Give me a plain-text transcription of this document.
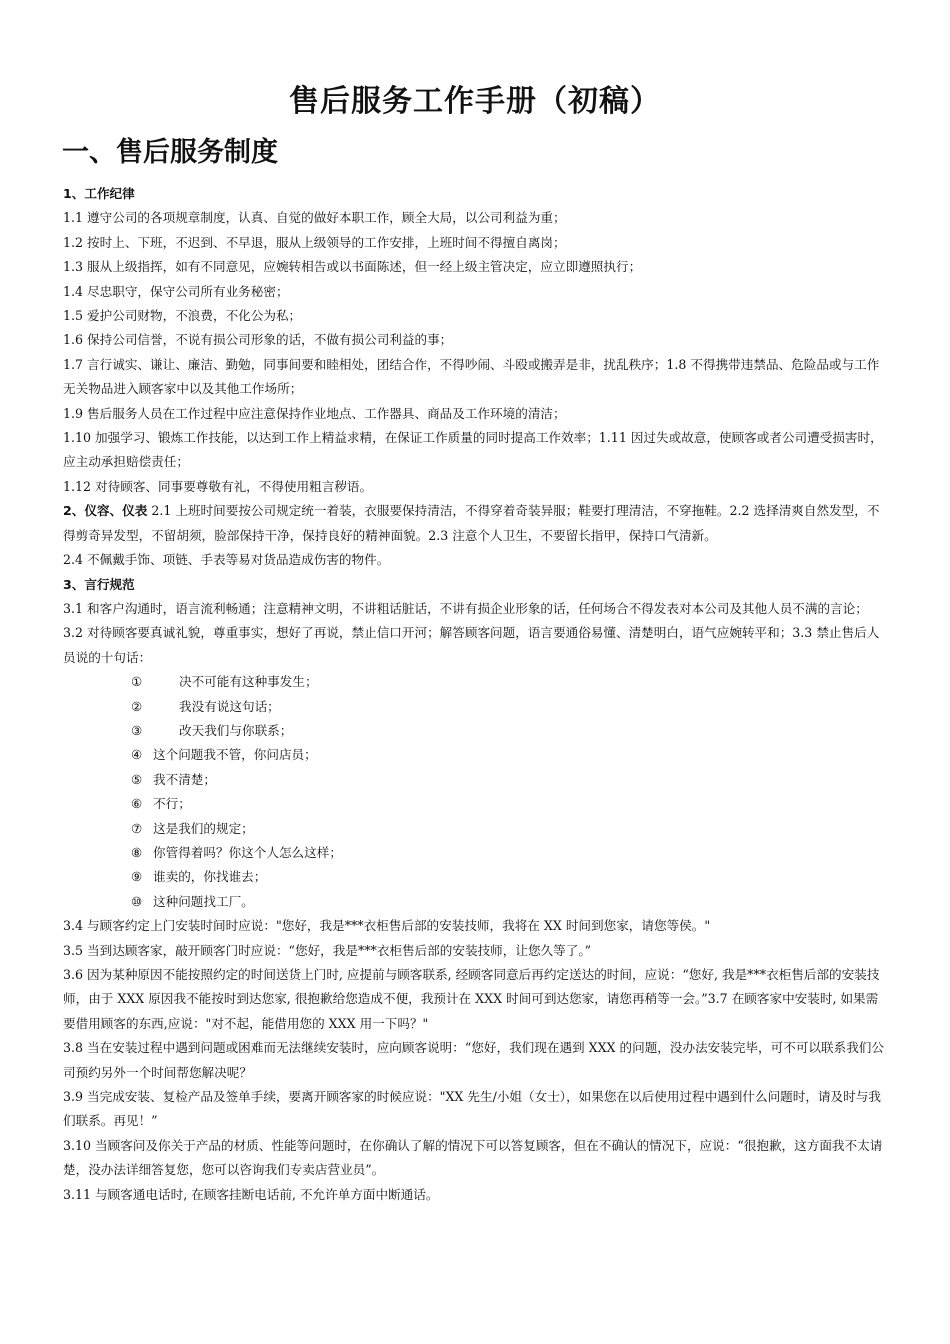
售后服务工作手册（初稿）
一、售后服务制度

1、工作纪律

1.1 遵守公司的各项规章制度，认真、自觉的做好本职工作，顾全大局，以公司利益为重；

1.2 按时上、下班，不迟到、不早退，服从上级领导的工作安排，上班时间不得擅自离岗；

1.3 服从上级指挥，如有不同意见，应婉转相告或以书面陈述，但一经上级主管决定，应立即遵照执行；

1.4 尽忠职守，保守公司所有业务秘密；

1.5 爱护公司财物，不浪费，不化公为私；

1.6 保持公司信誉，不说有损公司形象的话，不做有损公司利益的事；

1.7 言行诚实、谦让、廉洁、勤勉，同事间要和睦相处，团结合作，不得吵闹、斗殴或搬弄是非，扰乱秩序；1.8 不得携带违禁品、危险品或与工作无关物品进入顾客家中以及其他工作场所；

1.9 售后服务人员在工作过程中应注意保持作业地点、工作器具、商品及工作环境的清洁；

1.10 加强学习、锻炼工作技能，以达到工作上精益求精，在保证工作质量的同时提高工作效率；1.11 因过失或故意，使顾客或者公司遭受损害时，应主动承担赔偿责任；

1.12 对待顾客、同事要尊敬有礼，不得使用粗言秽语。

2、仪容、仪表 2.1 上班时间要按公司规定统一着装，衣服要保持清洁，不得穿着奇装异服；鞋要打理清洁，不穿拖鞋。2.2 选择清爽自然发型，不得剪奇异发型，不留胡须，脸部保持干净，保持良好的精神面貌。2.3 注意个人卫生，不要留长指甲，保持口气清新。

2.4 不佩戴手饰、项链、手表等易对货品造成伤害的物件。

3、言行规范

3.1 和客户沟通时，语言流利畅通；注意精神文明，不讲粗话脏话，不讲有损企业形象的话，任何场合不得发表对本公司及其他人员不满的言论；

3.2 对待顾客要真诚礼貌，尊重事实，想好了再说，禁止信口开河；解答顾客问题，语言要通俗易懂、清楚明白，语气应婉转平和；3.3 禁止售后人员说的十句话：

①	决不可能有这种事发生；

②	我没有说这句话；

③	改天我们与你联系；

④ 这个问题我不管，你问店员；

⑤ 我不清楚；

⑥ 不行；

⑦ 这是我们的规定；

⑧ 你管得着吗？你这个人怎么这样；

⑨ 谁卖的，你找谁去；

⑩ 这种问题找工厂。

3.4 与顾客约定上门安装时间时应说："您好，我是***衣柜售后部的安装技师，我将在 XX 时间到您家，请您等侯。"

3.5 当到达顾客家，敲开顾客门时应说：“您好，我是***衣柜售后部的安装技师，让您久等了。”

3.6 因为某种原因不能按照约定的时间送货上门时, 应提前与顾客联系, 经顾客同意后再约定送达的时间，应说：“您好, 我是***衣柜售后部的安装技师，由于 XXX 原因我不能按时到达您家, 很抱歉给您造成不便，我预计在 XXX 时间可到达您家，请您再稍等一会。”3.7 在顾客家中安装时, 如果需要借用顾客的东西,应说："对不起，能借用您的 XXX 用一下吗？"

3.8 当在安装过程中遇到问题或困难而无法继续安装时，应向顾客说明：“您好，我们现在遇到 XXX 的问题，没办法安装完毕，可不可以联系我们公司预约另外一个时间帮您解决呢？

3.9 当完成安装、复检产品及签单手续，要离开顾客家的时候应说："XX 先生/小姐（女士），如果您在以后使用过程中遇到什么问题时，请及时与我们联系。再见！”

3.10 当顾客问及你关于产品的材质、性能等问题时，在你确认了解的情况下可以答复顾客，但在不确认的情况下，应说：“很抱歉，这方面我不太请楚，没办法详细答复您，您可以咨询我们专卖店营业员”。

3.11 与顾客通电话时, 在顾客挂断电话前, 不允许单方面中断通话。
